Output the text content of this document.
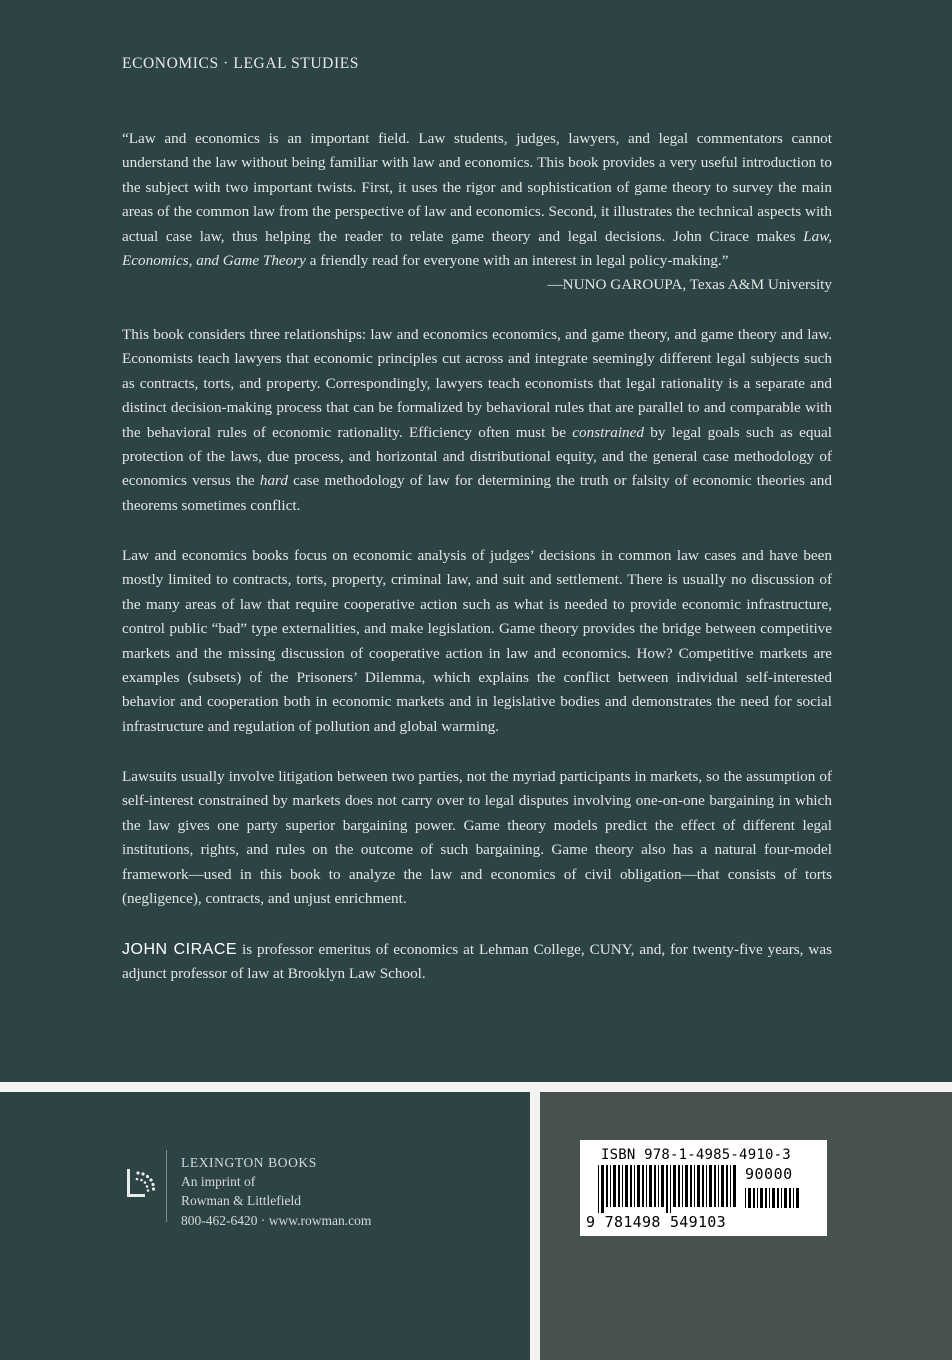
ECONOMICS · LEGAL STUDIES

“Law and economics is an important field. Law students, judges, lawyers, and legal commentators cannot understand the law without being familiar with law and economics. This book provides a very useful introduction to the subject with two important twists. First, it uses the rigor and sophistication of game theory to survey the main areas of the common law from the perspective of law and economics. Second, it illustrates the technical aspects with actual case law, thus helping the reader to relate game theory and legal decisions. John Cirace makes Law, Economics, and Game Theory a friendly read for everyone with an interest in legal policy-making.”
—NUNO GAROUPA, Texas A&M University

This book considers three relationships: law and economics economics, and game theory, and game theory and law. Economists teach lawyers that economic principles cut across and integrate seemingly different legal subjects such as contracts, torts, and property. Correspondingly, lawyers teach economists that legal rationality is a separate and distinct decision-making process that can be formalized by behavioral rules that are parallel to and comparable with the behavioral rules of economic rationality. Efficiency often must be constrained by legal goals such as equal protection of the laws, due process, and horizontal and distributional equity, and the general case methodology of economics versus the hard case methodology of law for determining the truth or falsity of economic theories and theorems sometimes conflict.

Law and economics books focus on economic analysis of judges’ decisions in common law cases and have been mostly limited to contracts, torts, property, criminal law, and suit and settlement. There is usually no discussion of the many areas of law that require cooperative action such as what is needed to provide economic infrastructure, control public “bad” type externalities, and make legislation. Game theory provides the bridge between competitive markets and the missing discussion of cooperative action in law and economics. How? Competitive markets are examples (subsets) of the Prisoners’ Dilemma, which explains the conflict between individual self-interested behavior and cooperation both in economic markets and in legislative bodies and demonstrates the need for social infrastructure and regulation of pollution and global warming.

Lawsuits usually involve litigation between two parties, not the myriad participants in markets, so the assumption of self-interest constrained by markets does not carry over to legal disputes involving one-on-one bargaining in which the law gives one party superior bargaining power. Game theory models predict the effect of different legal institutions, rights, and rules on the outcome of such bargaining. Game theory also has a natural four-model framework—used in this book to analyze the law and economics of civil obligation—that consists of torts (negligence), contracts, and unjust enrichment.

JOHN CIRACE is professor emeritus of economics at Lehman College, CUNY, and, for twenty-five years, was adjunct professor of law at Brooklyn Law School.

LEXINGTON BOOKS
An imprint of
Rowman & Littlefield
800-462-6420 · www.rowman.com
ISBN 978-1-4985-4910-3
90000
9 781498 549103
